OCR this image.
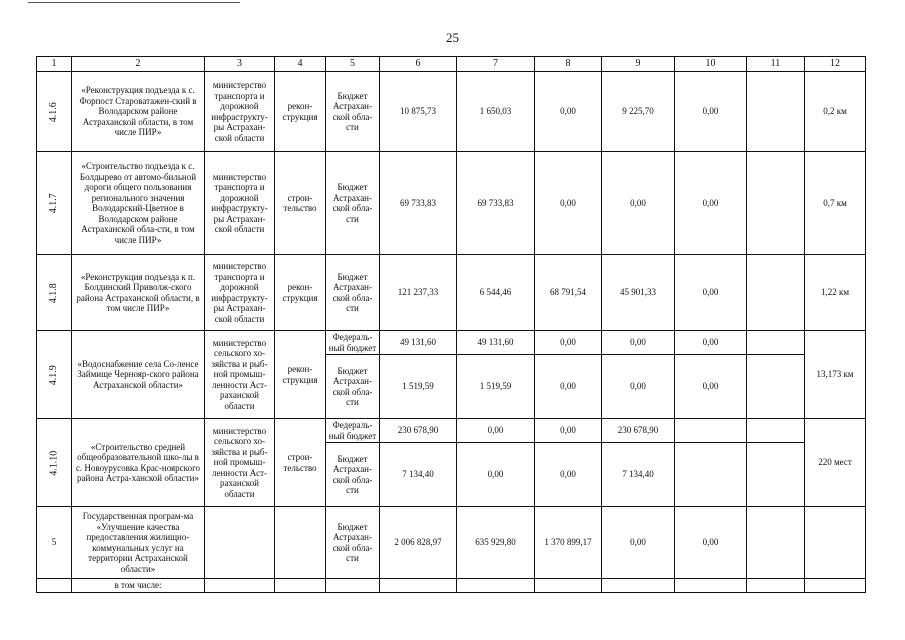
25
1	2	3	4	5	6	7	8	9	10	11	12
4.1.6	«Реконструкция подъезда к с. Форпост Староватажен-ский в Володарском районе Астраханской области, в том числе ПИР»	министерство транспорта и дорожной инфраструкту-ры Астрахан-ской области	рекон-струкция	Бюджет Астрахан-ской обла-сти	10 875,73	1 650,03	0,00	9 225,70	0,00		0,2 км
4.1.7	«Строительство подъезда к с. Болдырево от автомо-бильной дороги общего пользования регионального значения Володарский-Цветное в Володарском районе Астраханской обла-сти, в том числе ПИР»	министерство транспорта и дорожной инфраструкту-ры Астрахан-ской области	строи-тельство	Бюджет Астрахан-ской обла-сти	69 733,83	69 733,83	0,00	0,00	0,00		0,7 км
4.1.8	«Реконструкция подъезда к п. Болдинский Приволж-ского района Астраханской области, в том числе ПИР»	министерство транспорта и дорожной инфраструкту-ры Астрахан-ской области	рекон-струкция	Бюджет Астрахан-ской обла-сти	121 237,33	6 544,46	68 791,54	45 901,33	0,00		1,22 км
4.1.9	«Водоснабжение села Со-ленсе Займище Чернояр-ского района Астраханской области»	министерство сельского хо-зяйства и рыб-ной промыш-ленности Аст-раханской области	рекон-струкция	Федераль-ный бюджет	49 131,60	49 131,60	0,00	0,00	0,00		13,173 км
				Бюджет Астрахан-ской обла-сти	1 519,59	1 519,59	0,00	0,00	0,00		
4.1.10	«Строительство средней общеобразовательной шко-лы в с. Новоурусовка Крас-ноярского района Астра-ханской области»	министерство сельского хо-зяйства и рыб-ной промыш-ленности Аст-раханской области	строи-тельство	Федераль-ный бюджет	230 678,90	0,00	0,00	230 678,90			220 мест
				Бюджет Астрахан-ской обла-сти	7 134,40	0,00	0,00	7 134,40			
5	Государственная програм-ма «Улучшение качества предоставления жилищно-коммунальных услуг на территории Астраханской области»			Бюджет Астрахан-ской обла-сти	2 006 828,97	635 929,80	1 370 899,17	0,00	0,00		
	в том числе:										
